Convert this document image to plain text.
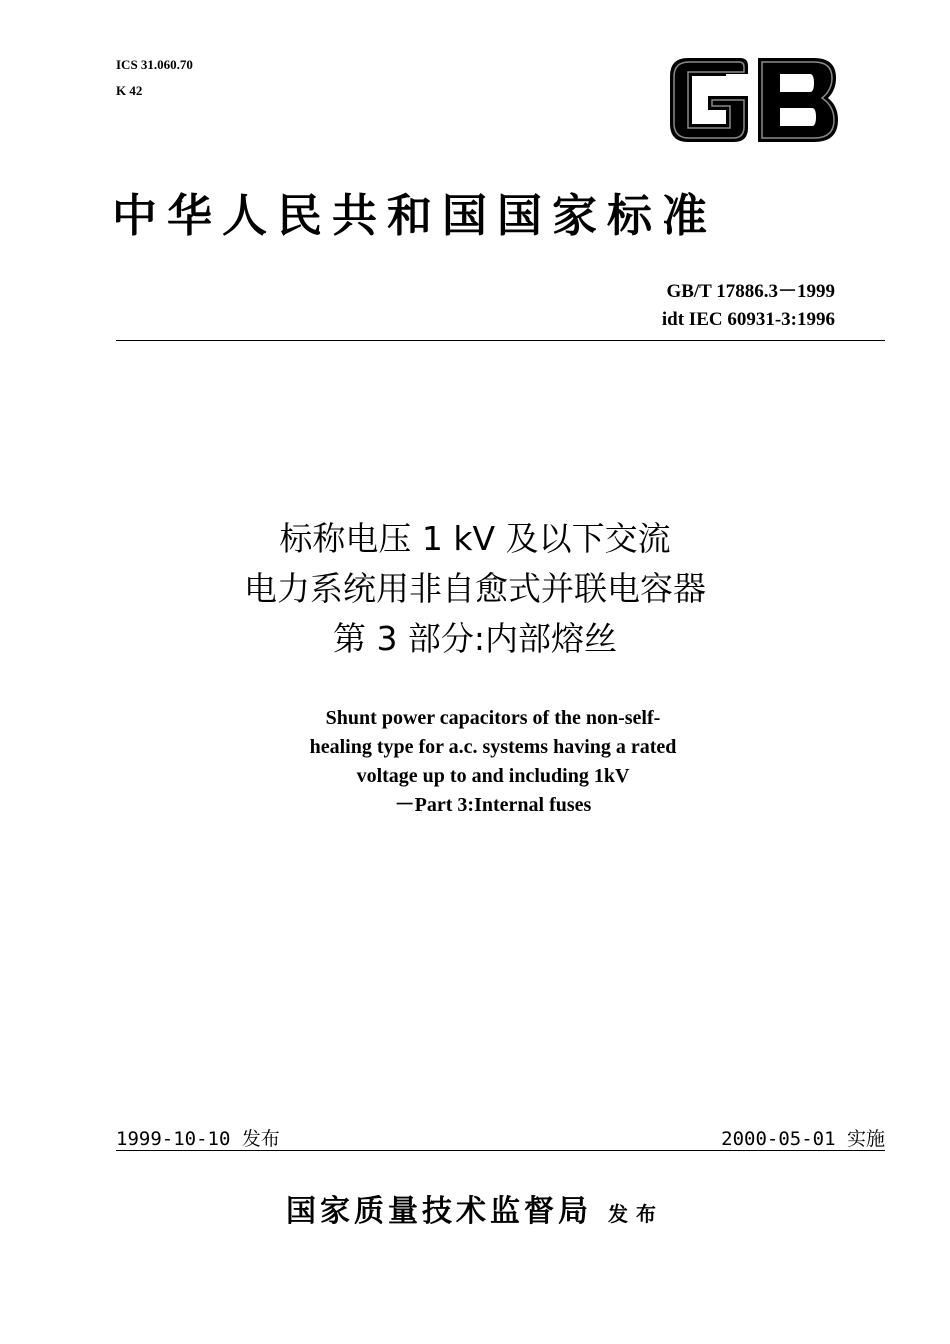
ICS 31.060.70
K 42
中华人民共和国国家标准
GB/T 17886.3－1999
idt IEC 60931-3:1996
标称电压 1 kV 及以下交流
电力系统用非自愈式并联电容器
第 3 部分:内部熔丝
Shunt power capacitors of the non-self-
healing type for a.c. systems having a rated
voltage up to and including 1kV
－Part 3:Internal fuses
1999-10-10 发布	2000-05-01 实施
国家质量技术监督局 发布
